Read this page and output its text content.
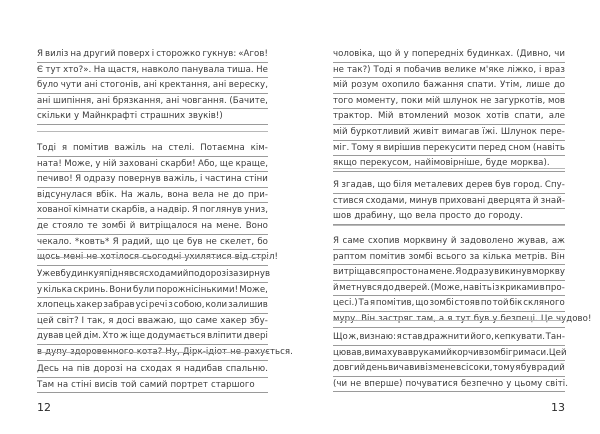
12
Я виліз на другий поверх і сторожко гукнув: «Агов!
Є тут хто?». На щастя, навколо панувала тиша. Не
було чути ані стогонів, ані кректання, ані вереску,
ані шипіння, ані брязкання, ані човгання. (Бачите,
скільки у Майнкрафті страшних звуків!)
Тоді я помітив важіль на стелі. Потаємна кім-
ната! Може, у ній заховані скарби! Або, ще краще,
печиво! Я одразу повернув важіль, і частина стіни
відсунулася вбік. На жаль, вона вела не до при-
хованої кімнати скарбів, а надвір. Я поглянув униз,
де стояло те зомбі й витріщалося на мене. Воно
чекало. *ковть* Я радий, що це був не скелет, бо
щось мені не хотілося сьогодні ухилятися від стріл!
Уже в будинку я піднявся сходами й по дорозі зазирнув
у кілька скринь. Вони були порожнісінькими! Може,
хлопець хакер забрав усі речі з собою, коли залишив
цей світ? І так, я досі вважаю, що саме хакер збу-
дував цей дім. Хто ж іще додумається вліпити двері
в дупу здоровенного кота? Ну, Дірк-ідіот не рахується.
Десь на пів дорозі на сходах я надибав спальню.
Там на стіні висів той самий портрет старшого
13
чоловіка, що й у попередніх будинках. (Дивно, чи
не так?) Тоді я побачив велике м'яке ліжко, і враз
мій розум охопило бажання спати. Утім, лише до
того моменту, поки мій шлунок не загуркотів, мов
трактор. Мій втомлений мозок хотів спати, але
мій буркотливий живіт вимагав їжі. Шлунок пере-
міг. Тому я вирішив перекусити перед сном (навіть
якщо перекусом, найімовірніше, буде морква).
Я згадав, що біля металевих дерев був город. Спу-
стився сходами, минув приховані дверцята й знай-
шов драбину, що вела просто до городу.
Я саме схопив морквину й задоволено жував, аж
раптом помітив зомбі всього за кілька метрів. Він
витріщався просто на мене. Я одразу викинув моркву
й метнувся до дверей. (Може, навіть із криками в про-
цесі.) Та я помітив, що зомбі стояв по той бік скляного
муру. Він застряг там, а я тут був у безпеці. Це чудово!
Що ж, визнаю: я став дражнити його, кепкувати. Тан-
цював, вимахував руками й корчив зомбі гримаси. Цей
довгий день вичавив із мене всі соки, тому я був радий
(чи не вперше) почуватися безпечно у цьому світі.
